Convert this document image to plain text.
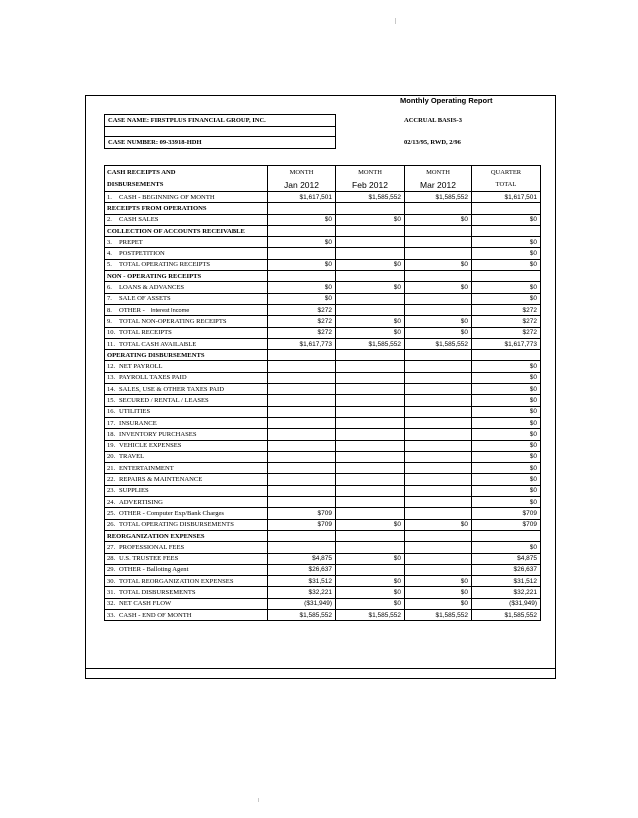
Monthly Operating Report
CASE NAME: FIRSTPLUS FINANCIAL GROUP, INC.
CASE NUMBER: 09-33918-HDH
ACCRUAL BASIS-3
02/13/95, RWD, 2/96
CASH RECEIPTS AND	MONTH	MONTH	MONTH	QUARTER
DISBURSEMENTS	Jan 2012	Feb 2012	Mar 2012	TOTAL
1. CASH - BEGINNING OF MONTH	$1,617,501	$1,585,552	$1,585,552	$1,617,501
RECEIPTS FROM OPERATIONS				
2. CASH SALES	$0	$0	$0	$0
COLLECTION OF ACCOUNTS RECEIVABLE				
3. PREPET	$0			$0
4. POSTPETITION				$0
5. TOTAL OPERATING RECEIPTS	$0	$0	$0	$0
NON - OPERATING RECEIPTS				
6. LOANS & ADVANCES	$0	$0	$0	$0
7. SALE OF ASSETS	$0			$0
8. OTHER - Interest Income	$272			$272
9. TOTAL NON-OPERATING RECEIPTS	$272	$0	$0	$272
10. TOTAL RECEIPTS	$272	$0	$0	$272
11. TOTAL CASH AVAILABLE	$1,617,773	$1,585,552	$1,585,552	$1,617,773
OPERATING DISBURSEMENTS				
12. NET PAYROLL				$0
13. PAYROLL TAXES PAID				$0
14. SALES, USE & OTHER TAXES PAID				$0
15. SECURED / RENTAL / LEASES				$0
16. UTILITIES				$0
17. INSURANCE				$0
18. INVENTORY PURCHASES				$0
19. VEHICLE EXPENSES				$0
20. TRAVEL				$0
21. ENTERTAINMENT				$0
22. REPAIRS & MAINTENANCE				$0
23. SUPPLIES				$0
24. ADVERTISING				$0
25. OTHER - Computer Exp/Bank Charges	$709			$709
26. TOTAL OPERATING DISBURSEMENTS	$709	$0	$0	$709
REORGANIZATION EXPENSES				
27. PROFESSIONAL FEES				$0
28. U.S. TRUSTEE FEES	$4,875	$0		$4,875
29. OTHER - Balloting Agent	$26,637			$26,637
30. TOTAL REORGANIZATION EXPENSES	$31,512	$0	$0	$31,512
31. TOTAL DISBURSEMENTS	$32,221	$0	$0	$32,221
32. NET CASH FLOW	($31,949)	$0	$0	($31,949)
33. CASH - END OF MONTH	$1,585,552	$1,585,552	$1,585,552	$1,585,552
